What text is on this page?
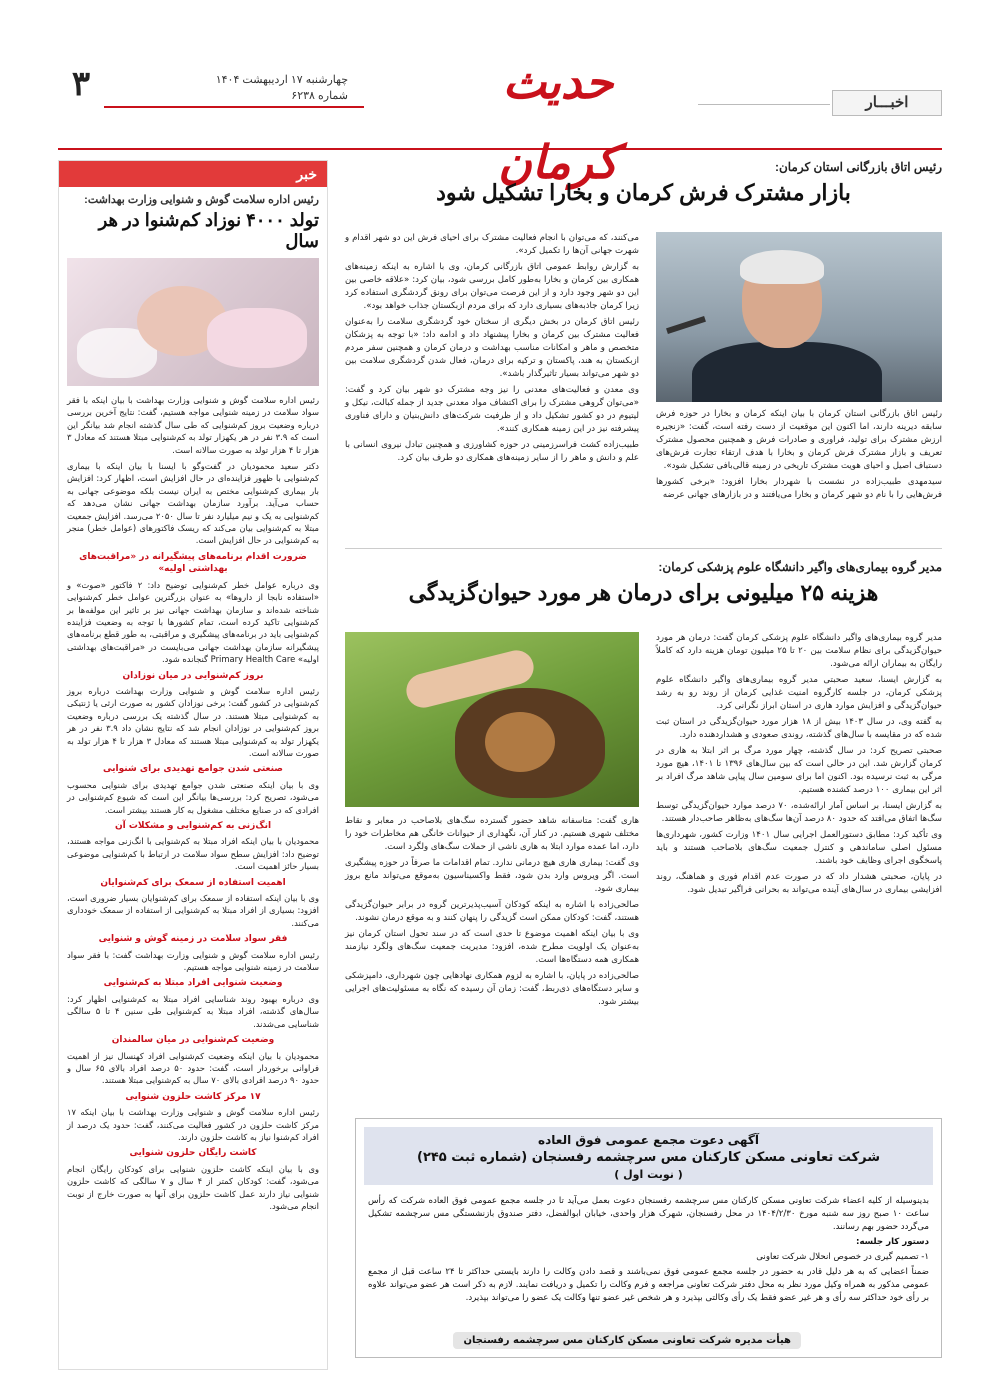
اخبـــار
حدیث کرمان
چهارشنبه ۱۷ اردیبهشت ۱۴۰۴
شماره ۶۲۳۸
۳
خبر
رئیس اداره سلامت گوش و شنوایی وزارت بهداشت:
تولد ۴۰۰۰ نوزاد کم‌شنوا در هر سال

رئیس اداره سلامت گوش و شنوایی وزارت بهداشت با بیان اینکه با فقر سواد سلامت در زمینه شنوایی مواجه هستیم، گفت: نتایج آخرین بررسی درباره وضعیت بروز کم‌شنوایی که طی سال گذشته انجام شد بیانگر این است که ۳.۹ نفر در هر یکهزار تولد به کم‌شنوایی مبتلا هستند که معادل ۳ هزار تا ۴ هزار تولد به صورت سالانه است.

دکتر سعید محمودیان در گفت‌وگو با ایسنا با بیان اینکه با بیماری کم‌شنوایی با ظهور فزاینده‌ای در حال افزایش است، اظهار کرد: افزایش بار بیماری کم‌شنوایی مختص به ایران نیست بلکه موضوعی جهانی به حساب می‌آید. برآورد سازمان بهداشت جهانی نشان می‌دهد که کم‌شنوایی به یک و نیم میلیارد نفر تا سال ۲۰۵۰ می‌رسد. افزایش جمعیت مبتلا به کم‌شنوایی بیان می‌کند که ریسک فاکتورهای (عوامل خطر) منجر به کم‌شنوایی در حال افزایش است.

ضرورت اقدام برنامه‌های پیشگیرانه در «مراقبت‌های بهداشتی اولیه»

وی درباره عوامل خطر کم‌شنوایی توضیح داد: ۲ فاکتور «صوت» و «استفاده نابجا از داروها» به عنوان بزرگترین عوامل خطر کم‌شنوایی شناخته شده‌اند و سازمان بهداشت جهانی نیز بر تاثیر این مولفه‌ها بر کم‌شنوایی تاکید کرده است، تمام کشورها با توجه به وضعیت فزاینده کم‌شنوایی باید در برنامه‌های پیشگیری و مراقبتی، به طور قطع برنامه‌های پیشگیرانه سازمان بهداشت جهانی می‌بایست در «مراقبت‌های بهداشتی اولیه» Primary Health Care گنجانده شود.

بروز کم‌شنوایی در میان نوزادان

رئیس اداره سلامت گوش و شنوایی وزارت بهداشت درباره بروز کم‌شنوایی در کشور گفت: برخی نوزادان کشور به صورت ارثی یا ژنتیکی به کم‌شنوایی مبتلا هستند. در سال گذشته یک بررسی درباره وضعیت بروز کم‌شنوایی در نوزادان انجام شد که نتایج نشان داد ۳.۹ نفر در هر یکهزار تولد به کم‌شنوایی مبتلا هستند که معادل ۳ هزار تا ۴ هزار تولد به صورت سالانه است.

صنعتی شدن جوامع تهدیدی برای شنوایی

وی با بیان اینکه صنعتی شدن جوامع تهدیدی برای شنوایی محسوب می‌شود، تصریح کرد: بررسی‌ها بیانگر این است که شیوع کم‌شنوایی در افرادی که در صنایع مختلف مشغول به کار هستند بیشتر است.

انگ‌زنی به کم‌شنوایی و مشکلات آن

محمودیان با بیان اینکه افراد مبتلا به کم‌شنوایی با انگ‌زنی مواجه هستند، توضیح داد: افزایش سطح سواد سلامت در ارتباط با کم‌شنوایی موضوعی بسیار حائز اهمیت است.

اهمیت استفاده از سمعک برای کم‌شنوایان

وی با بیان اینکه استفاده از سمعک برای کم‌شنوایان بسیار ضروری است، افزود: بسیاری از افراد مبتلا به کم‌شنوایی از استفاده از سمعک خودداری می‌کنند.

فقر سواد سلامت در زمینه گوش و شنوایی

رئیس اداره سلامت گوش و شنوایی وزارت بهداشت گفت: با فقر سواد سلامت در زمینه شنوایی مواجه هستیم.

وضعیت شنوایی افراد مبتلا به کم‌شنوایی

وی درباره بهبود روند شناسایی افراد مبتلا به کم‌شنوایی اظهار کرد: سال‌های گذشته، افراد مبتلا به کم‌شنوایی طی سنین ۴ تا ۵ سالگی شناسایی می‌شدند.

وضعیت کم‌شنوایی در میان سالمندان

محمودیان با بیان اینکه وضعیت کم‌شنوایی افراد کهنسال نیز از اهمیت فراوانی برخوردار است، گفت: حدود ۵۰ درصد افراد بالای ۶۵ سال و حدود ۹۰ درصد افرادی بالای ۷۰ سال به کم‌شنوایی مبتلا هستند.

۱۷ مرکز کاشت حلزون شنوایی

رئیس اداره سلامت گوش و شنوایی وزارت بهداشت با بیان اینکه ۱۷ مرکز کاشت حلزون در کشور فعالیت می‌کنند، گفت: حدود یک درصد از افراد کم‌شنوا نیاز به کاشت حلزون دارند.

کاشت رایگان حلزون شنوایی

وی با بیان اینکه کاشت حلزون شنوایی برای کودکان رایگان انجام می‌شود، گفت: کودکان کمتر از ۴ سال و ۷ سالگی که کاشت حلزون شنوایی نیاز دارند عمل کاشت حلزون برای آنها به صورت خارج از نوبت انجام می‌شود.

رئیس اتاق بازرگانی استان کرمان:
بازار مشترک فرش کرمان و بخارا تشکیل شود

رئیس اتاق بازرگانی استان کرمان با بیان اینکه کرمان و بخارا در حوزه فرش سابقه دیرینه دارند، اما اکنون این موقعیت از دست رفته است، گفت: «زنجیره ارزش مشترک برای تولید، فراوری و صادرات فرش و همچنین محصول مشترک تعریف و بازار مشترک فرش کرمان و بخارا با هدف ارتقاء تجارت فرش‌های دستباف اصیل و احیای هویت مشترک تاریخی در زمینه قالی‌بافی تشکیل شود».

سیدمهدی طبیب‌زاده در نشست با شهردار بخارا افزود: «برخی کشورها فرش‌هایی را با نام دو شهر کرمان و بخارا می‌یافتند و در بازارهای جهانی عرضه

می‌کنند، که می‌توان با انجام فعالیت مشترک برای احیای فرش این دو شهر اقدام و شهرت جهانی آن‌ها را تکمیل کرد».

به گزارش روابط عمومی اتاق بازرگانی کرمان، وی با اشاره به اینکه زمینه‌های همکاری بین کرمان و بخارا به‌طور کامل بررسی شود، بیان کرد: «علاقه خاصی بین این دو شهر وجود دارد و از این فرصت می‌توان برای رونق گردشگری استفاده کرد زیرا کرمان جاذبه‌های بسیاری دارد که برای مردم ازبکستان جذاب خواهد بود».

رئیس اتاق کرمان در بخش دیگری از سخنان خود گردشگری سلامت را به‌عنوان فعالیت مشترک بین کرمان و بخارا پیشنهاد داد و ادامه داد: «با توجه به پزشکان متخصص و ماهر و امکانات مناسب بهداشت و درمان کرمان و همچنین سفر مردم ازبکستان به هند، پاکستان و ترکیه برای درمان، فعال شدن گردشگری سلامت بین دو شهر می‌تواند بسیار تاثیرگذار باشد».

وی معدن و فعالیت‌های معدنی را نیز وجه مشترک دو شهر بیان کرد و گفت: «می‌توان گروهی مشترک را برای اکتشاف مواد معدنی جدید از جمله کبالت، نیکل و لیتیوم در دو کشور تشکیل داد و از ظرفیت شرکت‌های دانش‌بنیان و دارای فناوری پیشرفته نیز در این زمینه همکاری کنند».

طبیب‌زاده کشت فراسرزمینی در حوزه کشاورزی و همچنین تبادل نیروی انسانی با علم و دانش و ماهر را از سایر زمینه‌های همکاری دو طرف بیان کرد.

مدیر گروه بیماری‌های واگیر دانشگاه علوم پزشکی کرمان:
هزینه ۲۵ میلیونی برای درمان هر مورد حیوان‌گزیدگی

مدیر گروه بیماری‌های واگیر دانشگاه علوم پزشکی کرمان گفت: درمان هر مورد حیوان‌گزیدگی برای نظام سلامت بین ۲۰ تا ۲۵ میلیون تومان هزینه دارد که کاملاً رایگان به بیماران ارائه می‌شود.

به گزارش ایسنا، سعید صحبتی مدیر گروه بیماری‌های واگیر دانشگاه علوم پزشکی کرمان، در جلسه کارگروه امنیت غذایی کرمان از روند رو به رشد حیوان‌گزیدگی و افزایش موارد هاری در استان ابراز نگرانی کرد.

به گفته وی، در سال ۱۴۰۳ بیش از ۱۸ هزار مورد حیوان‌گزیدگی در استان ثبت شده که در مقایسه با سال‌های گذشته، روندی صعودی و هشداردهنده دارد.

صحبتی تصریح کرد: در سال گذشته، چهار مورد مرگ بر اثر ابتلا به هاری در کرمان گزارش شد. این در حالی است که بین سال‌های ۱۳۹۶ تا ۱۴۰۱، هیچ مورد مرگی به ثبت نرسیده بود. اکنون اما برای سومین سال پیاپی شاهد مرگ افراد بر اثر این بیماری ۱۰۰ درصد کشنده هستیم.

به گزارش ایسنا، بر اساس آمار ارائه‌شده، ۷۰ درصد موارد حیوان‌گزیدگی توسط سگ‌ها اتفاق می‌افتد که حدود ۸۰ درصد آن‌ها سگ‌های به‌ظاهر صاحب‌دار هستند.

وی تأکید کرد: مطابق دستورالعمل اجرایی سال ۱۴۰۱ وزارت کشور، شهرداری‌ها مسئول اصلی ساماندهی و کنترل جمعیت سگ‌های بلاصاحب هستند و باید پاسخگوی اجرای وظایف خود باشند.

در پایان، صحبتی هشدار داد که در صورت عدم اقدام فوری و هماهنگ، روند افزایشی بیماری در سال‌های آینده می‌تواند به بحرانی فراگیر تبدیل شود.

هاری گفت: متاسفانه شاهد حضور گسترده سگ‌های بلاصاحب در معابر و نقاط مختلف شهری هستیم. در کنار آن، نگهداری از حیوانات خانگی هم مخاطرات خود را دارد، اما عمده موارد ابتلا به هاری ناشی از حملات سگ‌های ولگرد است.

وی گفت: بیماری هاری هیچ درمانی ندارد. تمام اقدامات ما صرفاً در حوزه پیشگیری است. اگر ویروس وارد بدن شود، فقط واکسیناسیون به‌موقع می‌تواند مانع بروز بیماری شود.

صالحی‌زاده با اشاره به اینکه کودکان آسیب‌پذیرترین گروه در برابر حیوان‌گزیدگی هستند، گفت: کودکان ممکن است گزیدگی را پنهان کنند و به موقع درمان نشوند.

وی با بیان اینکه اهمیت موضوع تا حدی است که در سند تحول استان کرمان نیز به‌عنوان یک اولویت مطرح شده، افزود: مدیریت جمعیت سگ‌های ولگرد نیازمند همکاری همه دستگاه‌ها است.

صالحی‌زاده در پایان، با اشاره به لزوم همکاری نهادهایی چون شهرداری، دامپزشکی و سایر دستگاه‌های ذی‌ربط، گفت: زمان آن رسیده که نگاه به مسئولیت‌های اجرایی بیشتر شود.

آگهی دعوت مجمع عمومی فوق العاده
شرکت تعاونی مسکن کارکنان مس سرچشمه رفسنجان (شماره ثبت ۲۴۵)
( نوبت اول )

بدینوسیله از کلیه اعضاء شرکت تعاونی مسکن کارکنان مس سرچشمه رفسنجان دعوت بعمل می‌آید تا در جلسه مجمع عمومی فوق العاده شرکت که رأس ساعت ۱۰ صبح روز سه شنبه مورخ ۱۴۰۴/۲/۳۰ در محل رفسنجان، شهرک هزار واحدی، خیابان ابوالفضل، دفتر صندوق بازنشستگی مس سرچشمه تشکیل می‌گردد حضور بهم رسانند.

دستور کار جلسه:

۱- تصمیم گیری در خصوص انحلال شرکت تعاونی

ضمناً اعضایی که به هر دلیل قادر به حضور در جلسه مجمع عمومی فوق نمی‌باشند و قصد دادن وکالت را دارند بایستی حداکثر تا ۲۴ ساعت قبل از مجمع عمومی مذکور به همراه وکیل مورد نظر به محل دفتر شرکت تعاونی مراجعه و فرم وکالت را تکمیل و دریافت نمایند. لازم به ذکر است هر عضو می‌تواند علاوه بر رأی خود حداکثر سه رأی و هر غیر عضو فقط یک رأی وکالتی بپذیرد و هر شخص غیر عضو تنها وکالت یک عضو را می‌تواند بپذیرد.

هیأت مدیره شرکت تعاونی مسکن کارکنان مس سرچشمه رفسنجان
